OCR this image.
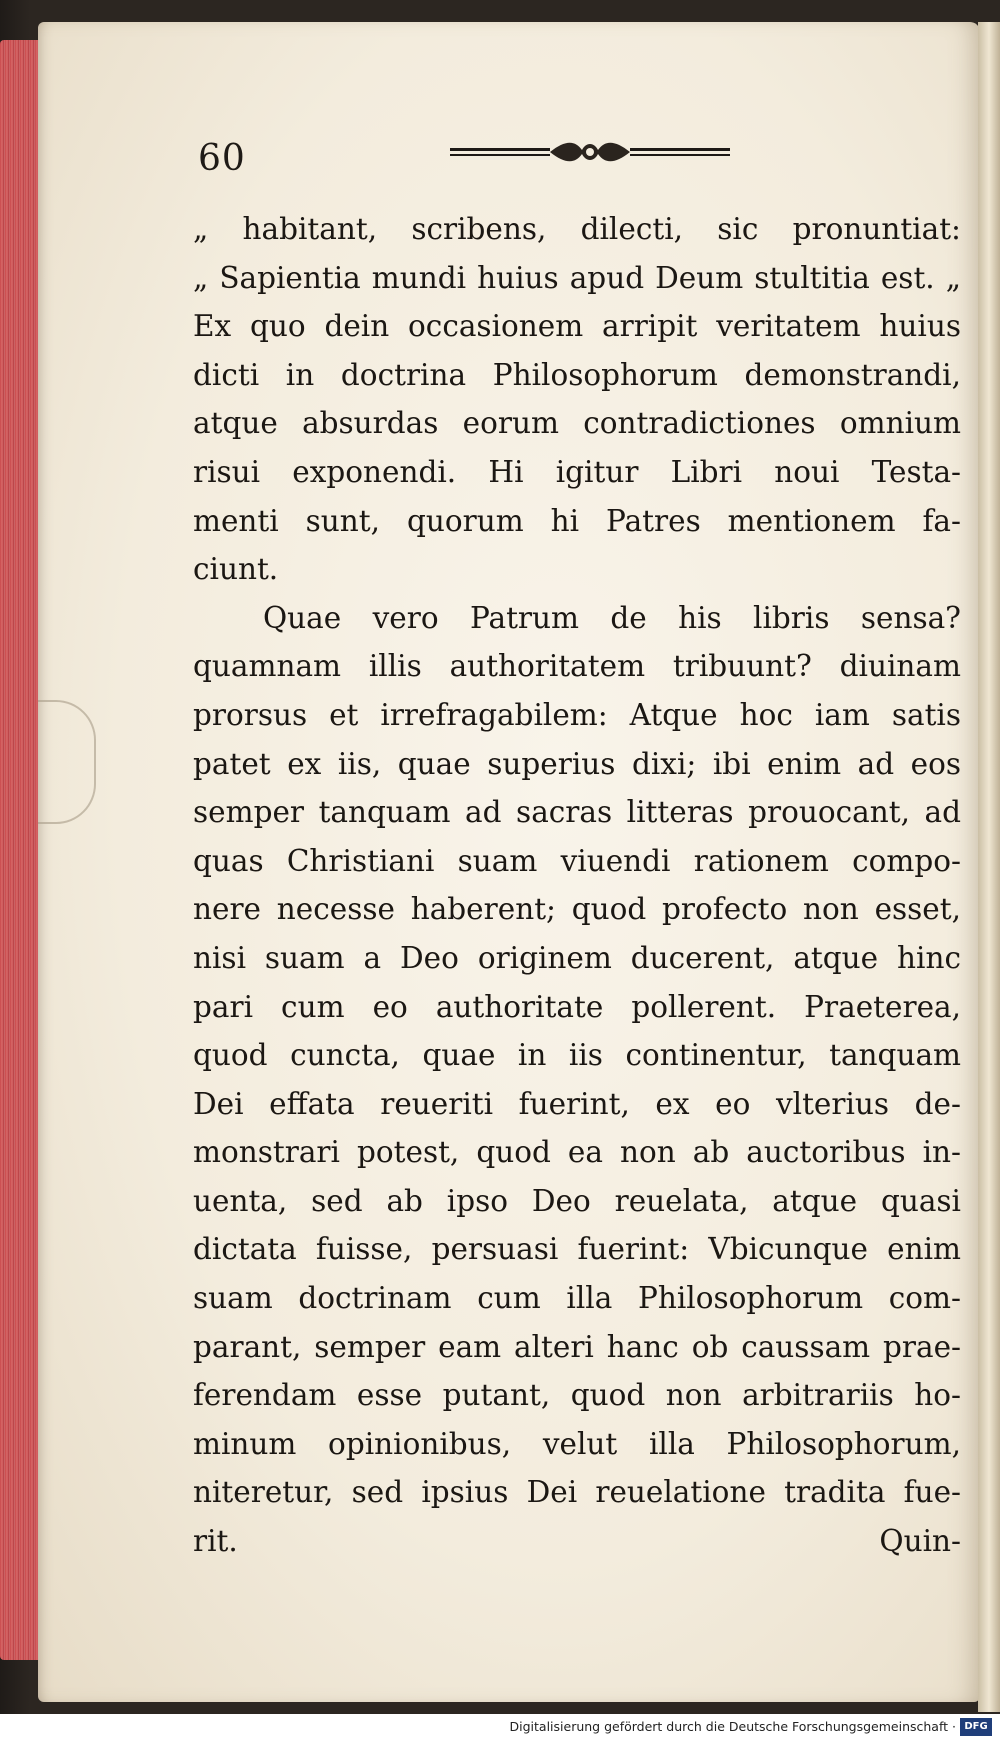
60
„ habitant, scribens, dilecti, sic pronuntiat:
„ Sapientia mundi huius apud Deum stultitia est. „
Ex quo dein occasionem arripit veritatem huius
dicti in doctrina Philosophorum demonstrandi,
atque absurdas eorum contradictiones omnium
risui exponendi. Hi igitur Libri noui Testa-
menti sunt, quorum hi Patres mentionem fa-
ciunt.
Quae vero Patrum de his libris sensa?
quamnam illis authoritatem tribuunt? diuinam
prorsus et irrefragabilem: Atque hoc iam satis
patet ex iis, quae superius dixi; ibi enim ad eos
semper tanquam ad sacras litteras prouocant, ad
quas Christiani suam viuendi rationem compo-
nere necesse haberent; quod profecto non esset,
nisi suam a Deo originem ducerent, atque hinc
pari cum eo authoritate pollerent. Praeterea,
quod cuncta, quae in iis continentur, tanquam
Dei effata reueriti fuerint, ex eo vlterius de-
monstrari potest, quod ea non ab auctoribus in-
uenta, sed ab ipso Deo reuelata, atque quasi
dictata fuisse, persuasi fuerint: Vbicunque enim
suam doctrinam cum illa Philosophorum com-
parant, semper eam alteri hanc ob caussam prae-
ferendam esse putant, quod non arbitrariis ho-
minum opinionibus, velut illa Philosophorum,
niteretur, sed ipsius Dei reuelatione tradita fue-
rit. Quin-
Digitalisierung gefördert durch die Deutsche Forschungsgemeinschaft · DFG
